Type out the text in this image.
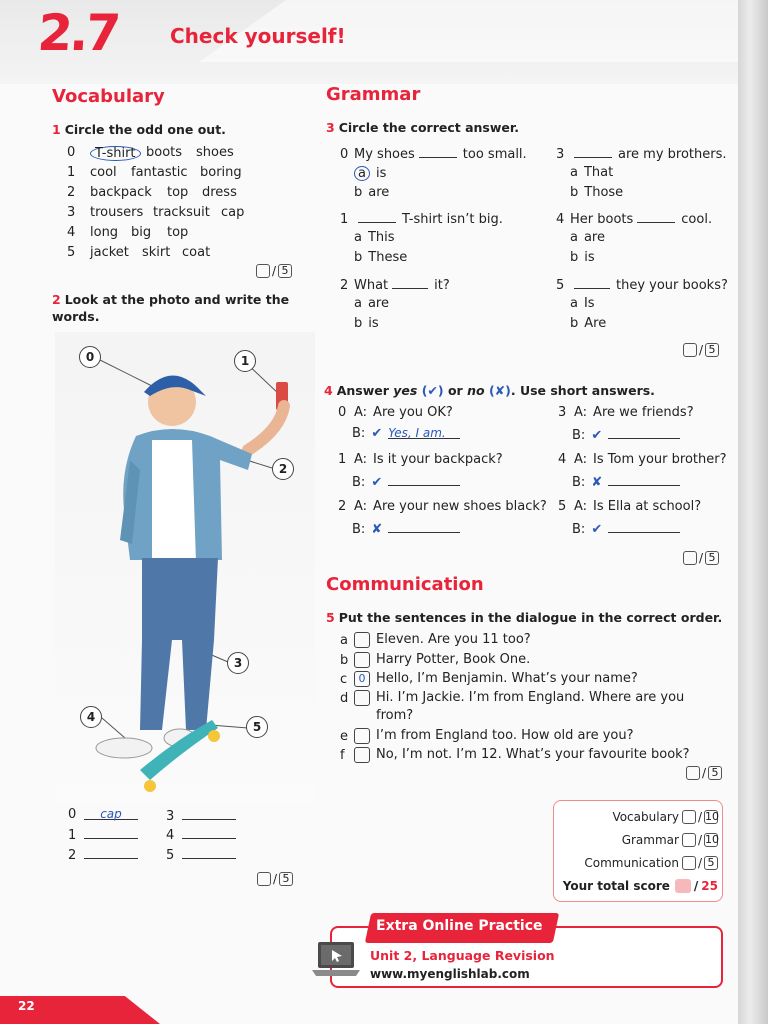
2.7	Check yourself!
Vocabulary
1 Circle the odd one out.
/ 5
2 Look at the photo and write the
words.
0	1
2
3
4
5
0 cap
1
2
3
4
5
/ 5
Grammar
3 Circle the correct answer.
/ 5
4 Answer yes (✔) or no (✘). Use short answers.
/ 5
Communication
5 Put the sentences in the dialogue in the correct order.
/ 5
Vocabulary / 10
Grammar / 10
Communication / 5
Your total score / 25
Extra Online Practice
Unit 2, Language Revision
www.myenglishlab.com
22
0	T-shirt boots shoes
1 cool fantastic boring
2 backpack top dress
3 trousers tracksuit cap
4 long big top
5 jacket skirt coat
0 My shoes	too small.
a is
b are
1	T-shirt isn’t big.
a This
b These
2 What	it?
a are
b is
3	are my brothers.
a That
b Those
4 Her boots	cool.
a are
b is
5	they your books?
a Is
b Are
0 A: Are you OK?
B: ✔ Yes, I am.
1 A: Is it your backpack?
B: ✔
2 A: Are your new shoes black?
B: ✘
3 A: Are we friends?
B: ✔
4 A: Is Tom your brother?
B: ✘
5 A: Is Ella at school?
B: ✔
a	Eleven. Are you 11 too?
b	Harry Potter, Book One.
c	0 Hello, I’m Benjamin. What’s your name?
d	Hi. I’m Jackie. I’m from England. Where are you
from?
e	I’m from England too. How old are you?
f	No, I’m not. I’m 12. What’s your favourite book?
